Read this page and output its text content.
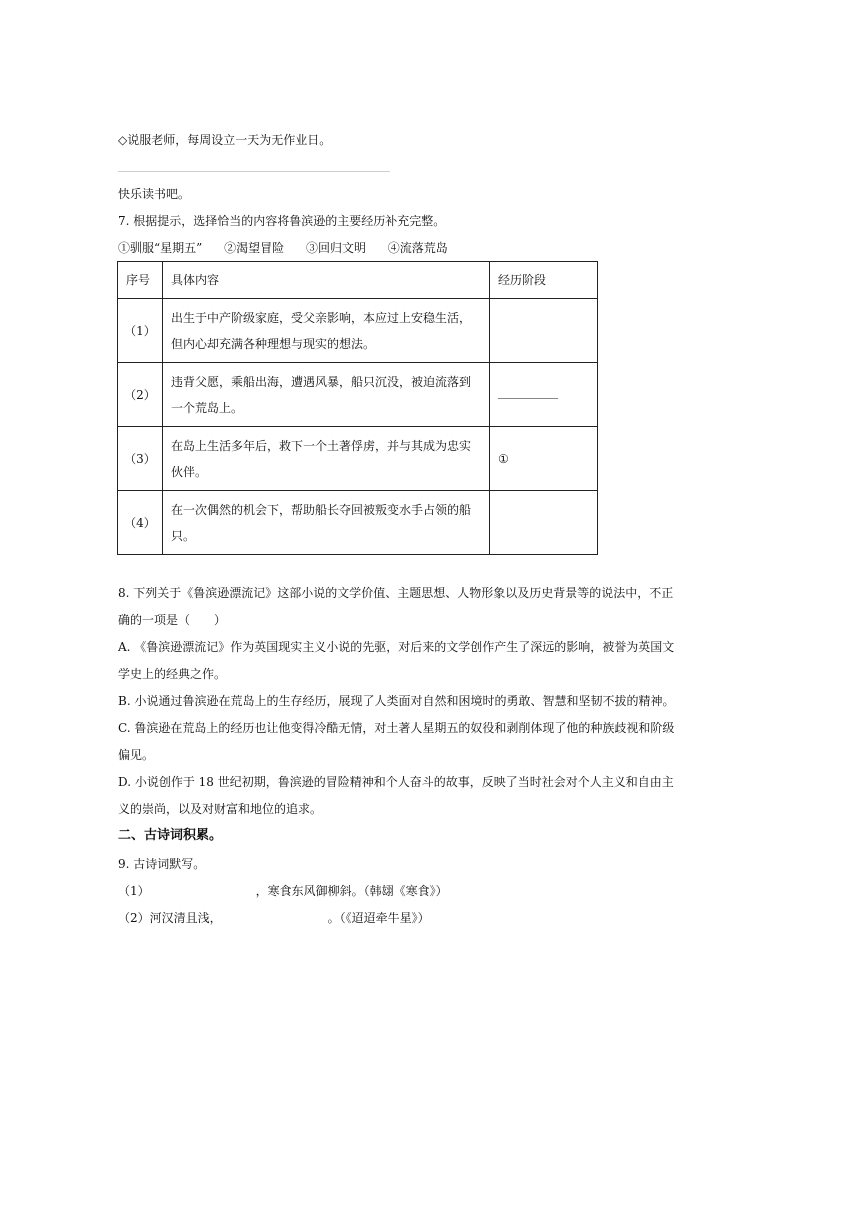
◇说服老师，每周设立一天为无作业日。
快乐读书吧。
7. 根据提示，选择恰当的内容将鲁滨逊的主要经历补充完整。
①驯服“星期五” ②渴望冒险 ③回归文明 ④流落荒岛
序号	具体内容	经历阶段
（1）	出生于中产阶级家庭，受父亲影响，本应过上安稳生活，但内心却充满各种理想与现实的想法。	
（2）	违背父愿，乘船出海，遭遇风暴，船只沉没，被迫流落到一个荒岛上。	
（3）	在岛上生活多年后，救下一个土著俘虏，并与其成为忠实伙伴。	①
（4）	在一次偶然的机会下，帮助船长夺回被叛变水手占领的船只。	
8. 下列关于《鲁滨逊漂流记》这部小说的文学价值、主题思想、人物形象以及历史背景等的说法中，不正
确的一项是（　　）
A. 《鲁滨逊漂流记》作为英国现实主义小说的先驱，对后来的文学创作产生了深远的影响，被誉为英国文
学史上的经典之作。
B. 小说通过鲁滨逊在荒岛上的生存经历，展现了人类面对自然和困境时的勇敢、智慧和坚韧不拔的精神。
C. 鲁滨逊在荒岛上的经历也让他变得冷酷无情，对土著人星期五的奴役和剥削体现了他的种族歧视和阶级
偏见。
D. 小说创作于 18 世纪初期，鲁滨逊的冒险精神和个人奋斗的故事，反映了当时社会对个人主义和自由主
义的崇尚，以及对财富和地位的追求。
二、古诗词积累。
9. 古诗词默写。
（1）	，寒食东风御柳斜。（韩翃《寒食》）
（2）河汉清且浅，	。（《迢迢牵牛星》）
